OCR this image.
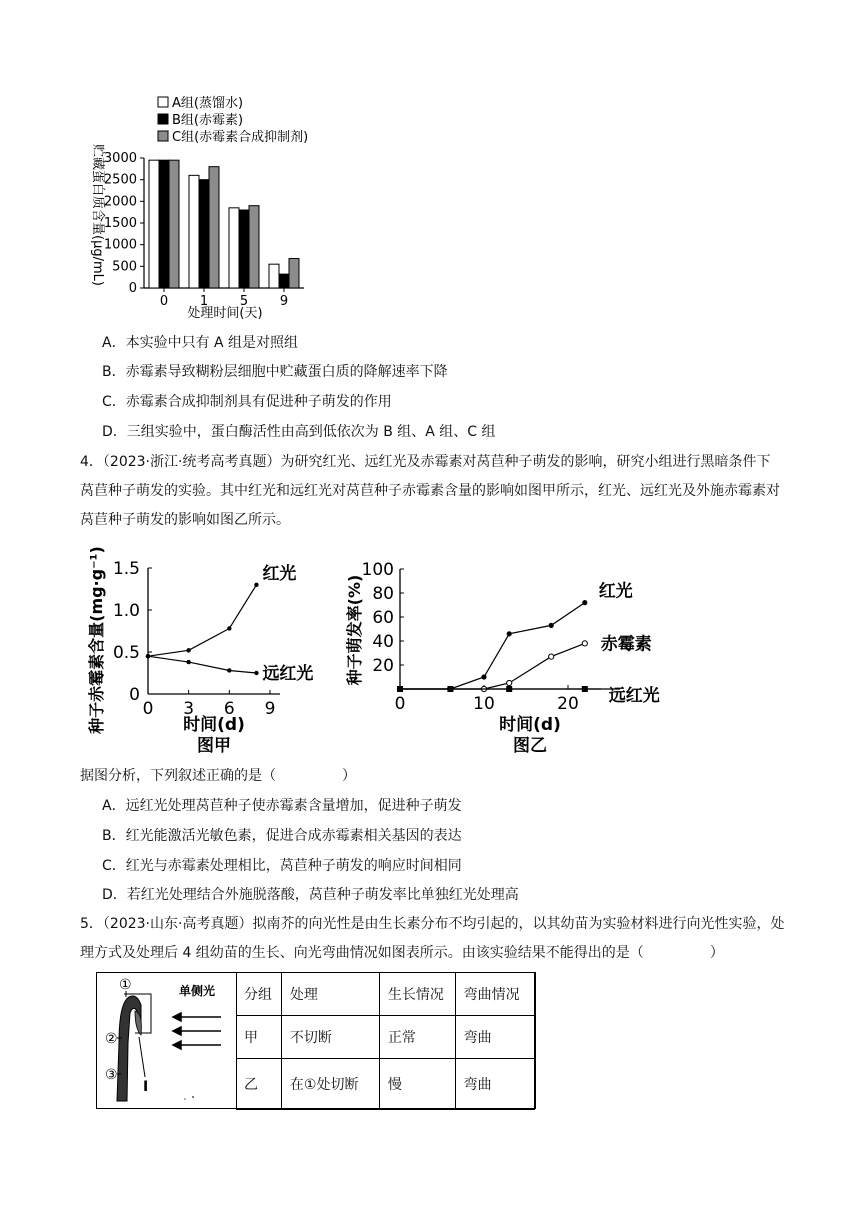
A组(蒸馏水)
B组(赤霉素)
C组(赤霉素合成抑制剂)
贮藏蛋白质含量(μg/mL)
0
500
1000
1500
2000
2500
3000
0 1 5 9
处理时间(天)
A．本实验中只有 A 组是对照组
B．赤霉素导致糊粉层细胞中贮藏蛋白质的降解速率下降
C．赤霉素合成抑制剂具有促进种子萌发的作用
D．三组实验中，蛋白酶活性由高到低依次为 B 组、A 组、C 组
4．（2023·浙江·统考高考真题）为研究红光、远红光及赤霉素对莴苣种子萌发的影响，研究小组进行黑暗条件下莴苣种子萌发的实验。其中红光和远红光对莴苣种子赤霉素含量的影响如图甲所示，红光、远红光及外施赤霉素对莴苣种子萌发的影响如图乙所示。
种子赤霉素含量(mg·g⁻¹) 0
0.5
1.0
1.5
0 3 6 9
红光
远红光
时间(d)
图甲
种子萌发率(%) 20
40
60
80
100
0	10	20
红光
赤霉素
远红光
时间(d)
图乙
据图分析，下列叙述正确的是（	）
A．远红光处理莴苣种子使赤霉素含量增加，促进种子萌发
B．红光能激活光敏色素，促进合成赤霉素相关基因的表达
C．红光与赤霉素处理相比，莴苣种子萌发的响应时间相同
D．若红光处理结合外施脱落酸，莴苣种子萌发率比单独红光处理高
5．（2023·山东·高考真题）拟南芥的向光性是由生长素分布不均引起的，以其幼苗为实验材料进行向光性实验，处理方式及处理后 4 组幼苗的生长、向光弯曲情况如图表所示。由该实验结果不能得出的是（	）
①
②
③
I
单侧光 分组	处理	生长情况	弯曲情况
甲	不切断	正常	弯曲
乙	在①处切断	慢	弯曲
